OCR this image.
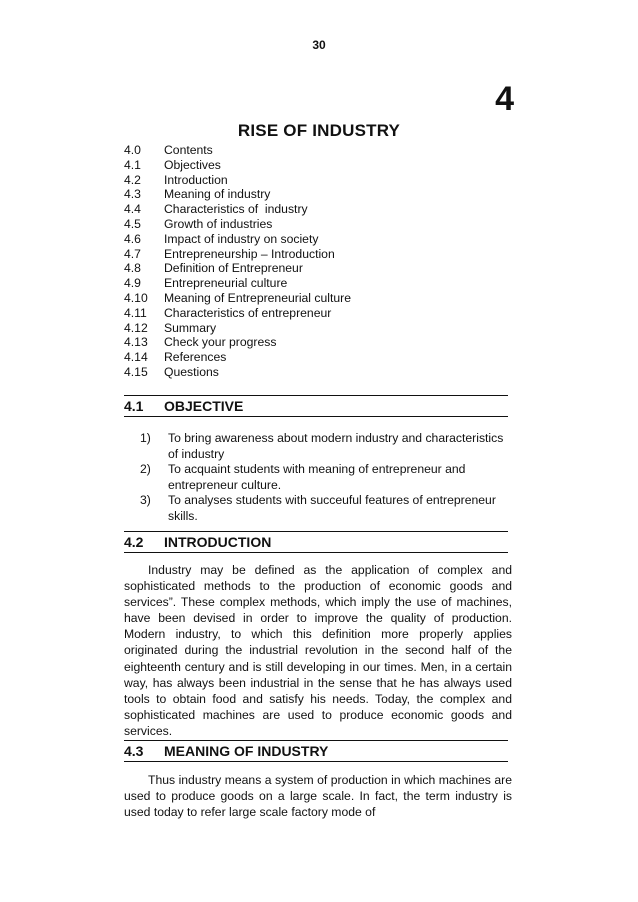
30
4
RISE OF INDUSTRY
4.0	Contents
4.1	Objectives
4.2	Introduction
4.3	Meaning of industry
4.4	Characteristics of  industry
4.5	Growth of industries
4.6	Impact of industry on society
4.7	Entrepreneurship – Introduction
4.8	Definition of Entrepreneur
4.9	Entrepreneurial culture
4.10	Meaning of Entrepreneurial culture
4.11	Characteristics of entrepreneur
4.12	Summary
4.13	Check your progress
4.14	References
4.15	Questions
4.1 OBJECTIVE
1)	To bring awareness about modern industry and characteristics of industry
2)	To acquaint students with meaning of entrepreneur and entrepreneur culture.
3)	To analyses students with succeuful features of entrepreneur skills.
4.2 INTRODUCTION

Industry may be defined as the application of complex and sophisticated methods to the production of economic goods and services”. These complex methods, which imply the use of machines, have been devised in order to improve the quality of production. Modern industry, to which this definition more properly applies originated during the industrial revolution in the second half of the eighteenth century and is still developing in our times. Men, in a certain way, has always been industrial in the sense that he has always used tools to obtain food and satisfy his needs. Today, the complex and sophisticated machines are used to produce economic goods and services.

4.3 MEANING OF INDUSTRY

Thus industry means a system of production in which machines are used to produce goods on a large scale. In fact, the term industry is used today to refer large scale factory mode of
